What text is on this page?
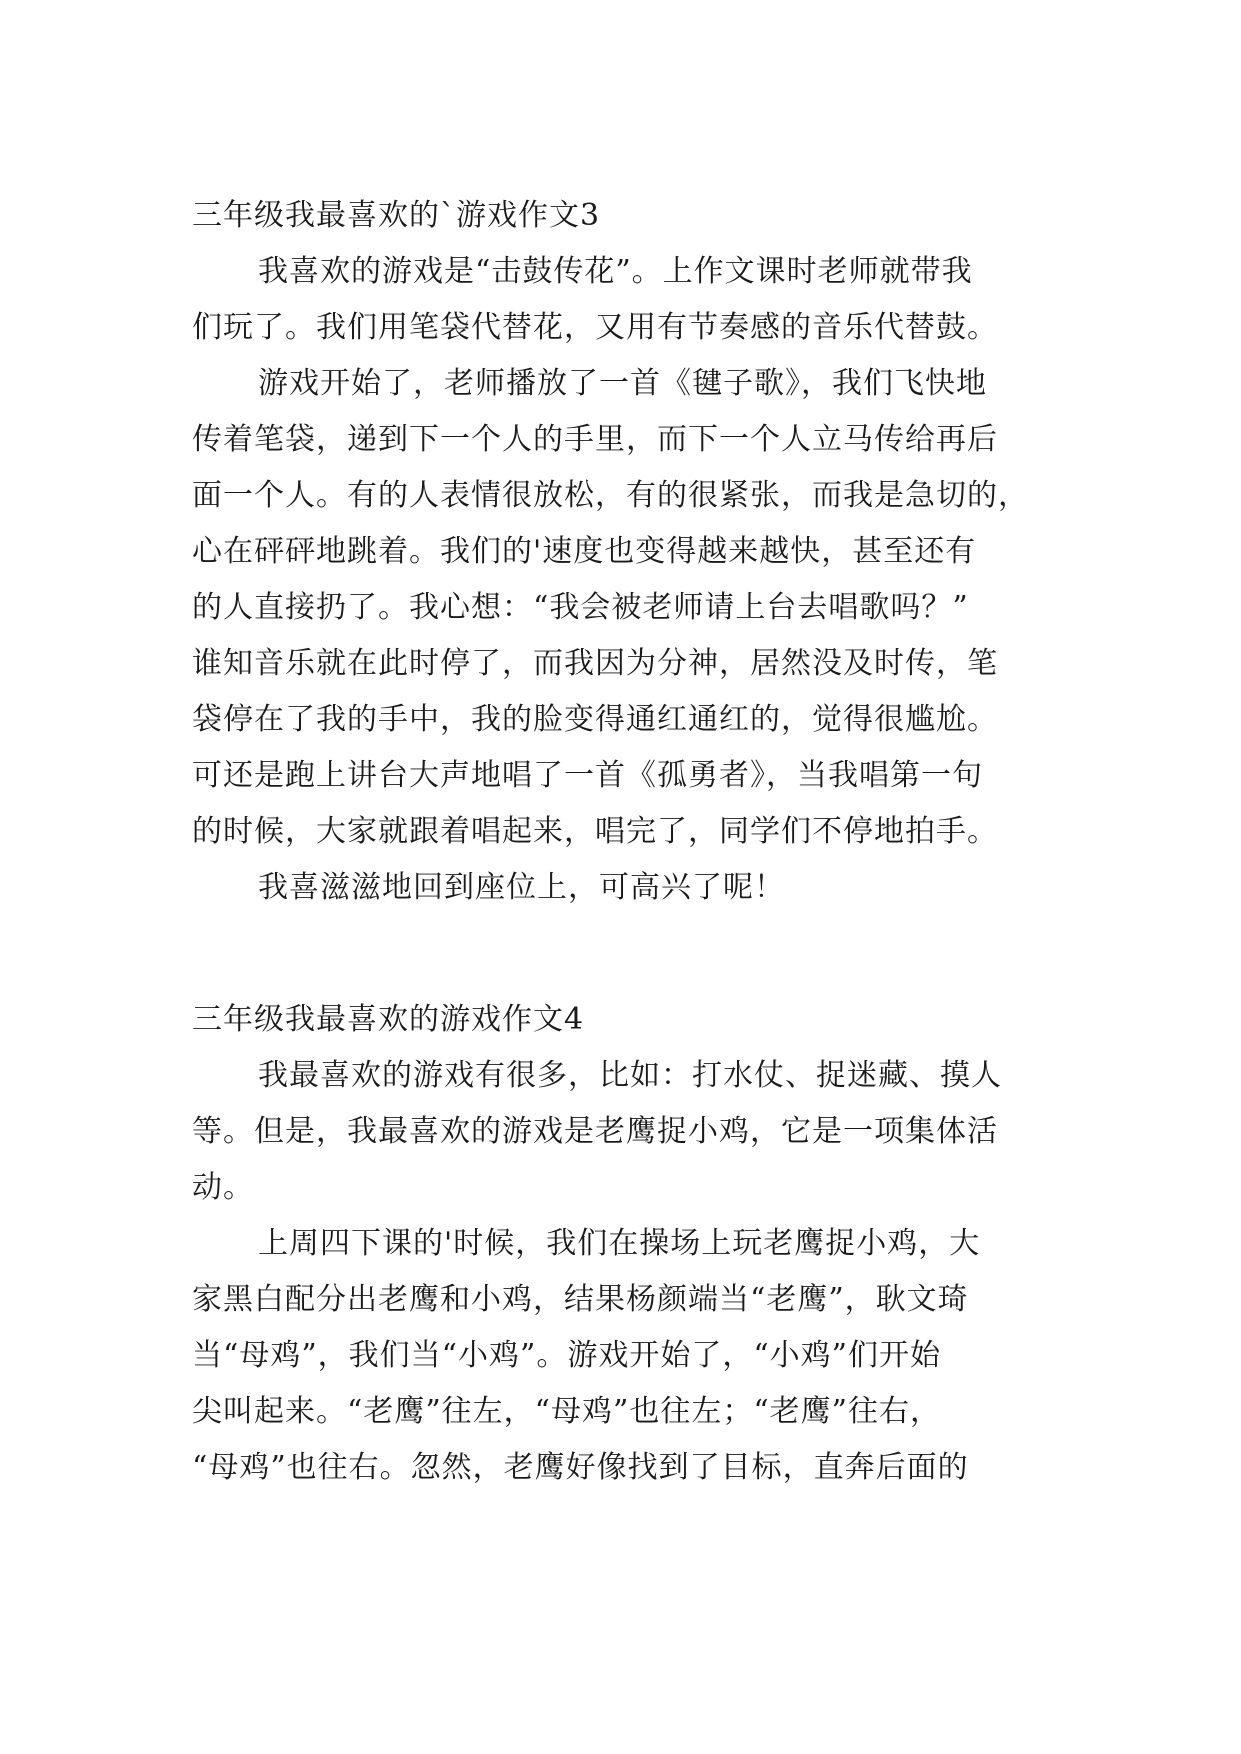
三年级我最喜欢的`游戏作文3
我喜欢的游戏是“击鼓传花”。上作文课时老师就带我
们玩了。我们用笔袋代替花，又用有节奏感的音乐代替鼓。
游戏开始了，老师播放了一首《毽子歌》，我们飞快地
传着笔袋，递到下一个人的手里，而下一个人立马传给再后
面一个人。有的人表情很放松，有的很紧张，而我是急切的，
心在砰砰地跳着。我们的'速度也变得越来越快，甚至还有
的人直接扔了。我心想：“我会被老师请上台去唱歌吗？”
谁知音乐就在此时停了，而我因为分神，居然没及时传，笔
袋停在了我的手中，我的脸变得通红通红的，觉得很尴尬。
可还是跑上讲台大声地唱了一首《孤勇者》，当我唱第一句
的时候，大家就跟着唱起来，唱完了，同学们不停地拍手。
我喜滋滋地回到座位上，可高兴了呢！
三年级我最喜欢的游戏作文4
我最喜欢的游戏有很多，比如：打水仗、捉迷藏、摸人
等。但是，我最喜欢的游戏是老鹰捉小鸡，它是一项集体活
动。
上周四下课的'时候，我们在操场上玩老鹰捉小鸡，大
家黑白配分出老鹰和小鸡，结果杨颜端当“老鹰”，耿文琦
当“母鸡”，我们当“小鸡”。游戏开始了，“小鸡”们开始
尖叫起来。“老鹰”往左，“母鸡”也往左；“老鹰”往右，
“母鸡”也往右。忽然，老鹰好像找到了目标，直奔后面的
